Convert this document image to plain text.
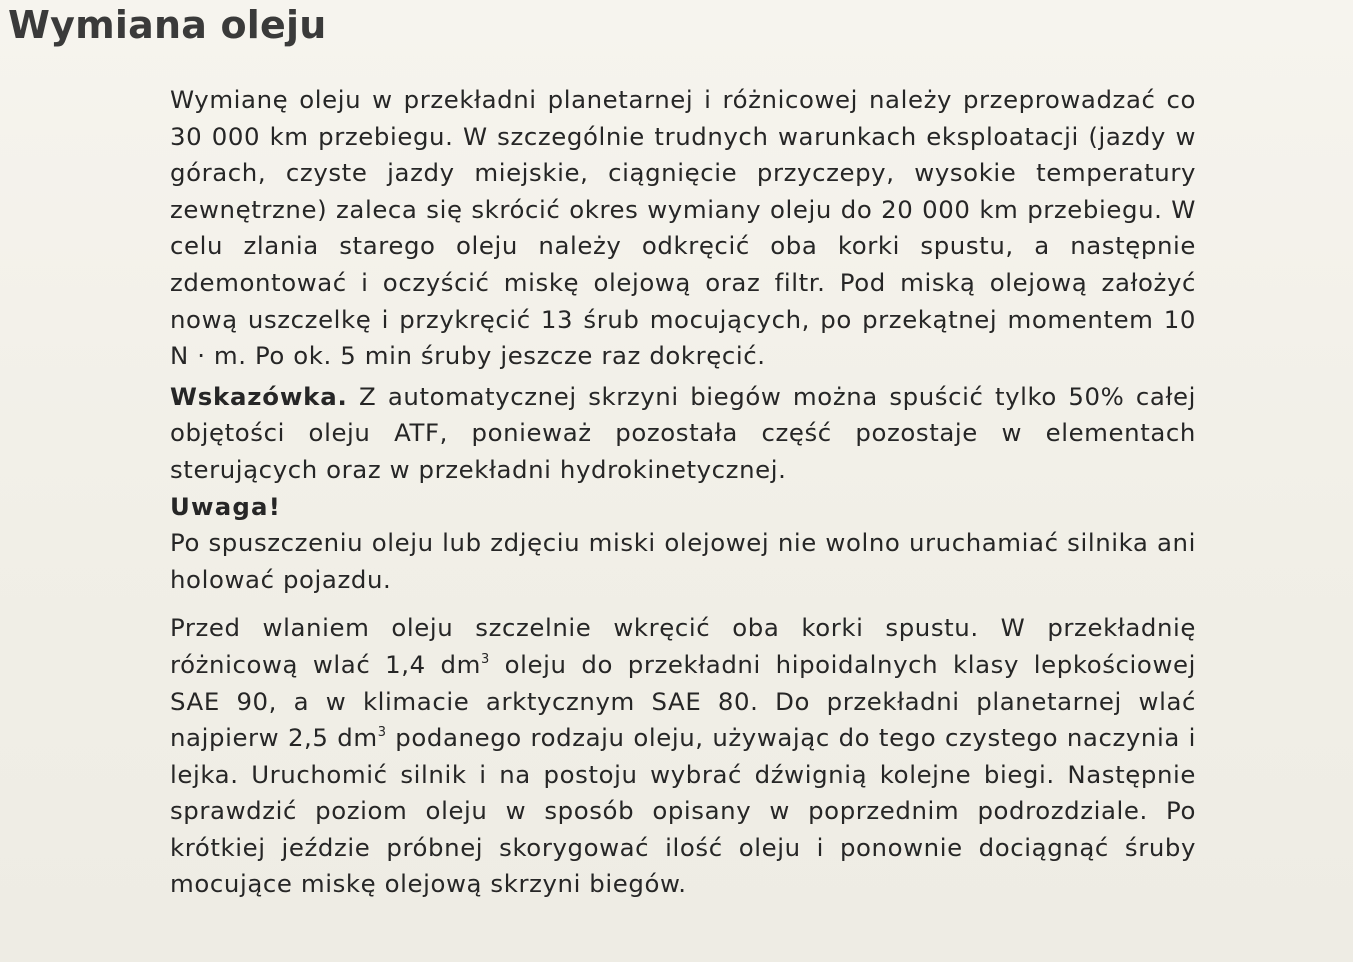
Wymiana oleju

Wymianę oleju w przekładni planetarnej i różnicowej należy przeprowadzać co 30 000 km przebiegu. W szczególnie trudnych warunkach eksploatacji (jazdy w górach, czyste jazdy miejskie, ciągnięcie przyczepy, wysokie temperatury zewnętrzne) zaleca się skrócić okres wymiany oleju do 20 000 km przebiegu. W celu zlania starego oleju należy odkręcić oba korki spustu, a następnie zdemontować i oczyścić miskę olejową oraz filtr. Pod miską olejową założyć nową uszczelkę i przykręcić 13 śrub mocujących, po przekątnej momentem 10 N · m. Po ok. 5 min śruby jeszcze raz dokręcić.

Wskazówka. Z automatycznej skrzyni biegów można spuścić tylko 50% całej objętości oleju ATF, ponieważ pozostała część pozostaje w elementach sterujących oraz w przekładni hydrokinetycznej.

Uwaga!

Po spuszczeniu oleju lub zdjęciu miski olejowej nie wolno uruchamiać silnika ani holować pojazdu.

Przed wlaniem oleju szczelnie wkręcić oba korki spustu. W przekładnię różnicową wlać 1,4 $dm^3$ oleju do przekładni hipoidalnych klasy lepkościowej SAE 90, a w klimacie arktycznym SAE 80. Do przekładni planetarnej wlać najpierw 2,5 $dm^3$ podanego rodzaju oleju, używając do tego czystego naczynia i lejka. Uruchomić silnik i na postoju wybrać dźwignią kolejne biegi. Następnie sprawdzić poziom oleju w sposób opisany w poprzednim podrozdziale. Po krótkiej jeździe próbnej skorygować ilość oleju i ponownie dociągnąć śruby mocujące miskę olejową skrzyni biegów.
